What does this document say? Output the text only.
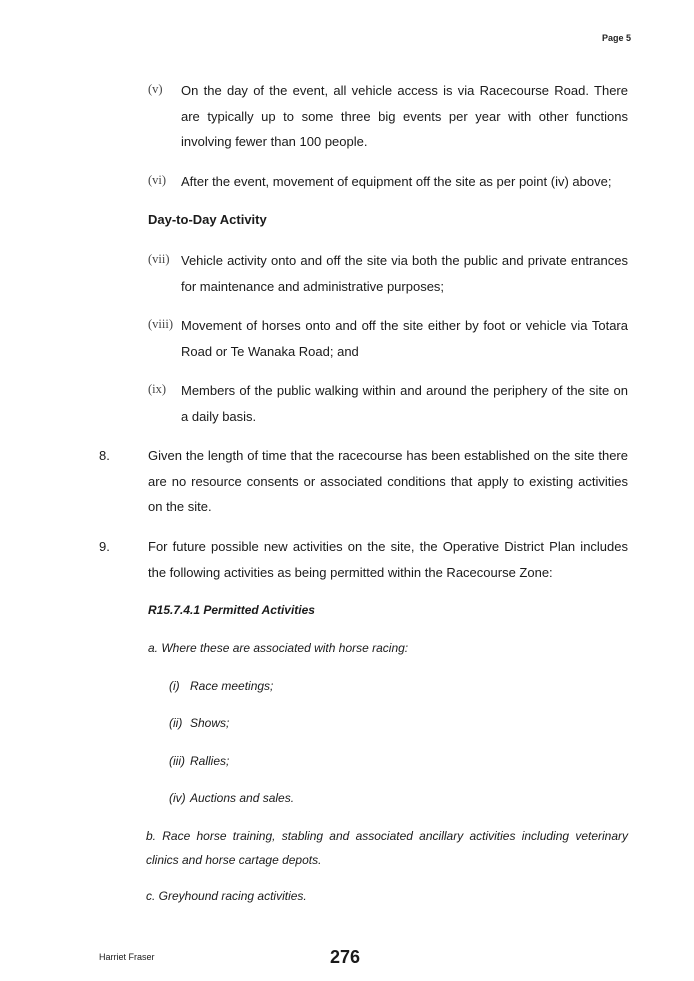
Page 5
(v) On the day of the event, all vehicle access is via Racecourse Road. There are typically up to some three big events per year with other functions involving fewer than 100 people.
(vi) After the event, movement of equipment off the site as per point (iv) above;
Day-to-Day Activity
(vii) Vehicle activity onto and off the site via both the public and private entrances for maintenance and administrative purposes;
(viii) Movement of horses onto and off the site either by foot or vehicle via Totara Road or Te Wanaka Road; and
(ix) Members of the public walking within and around the periphery of the site on a daily basis.
8.	Given the length of time that the racecourse has been established on the site there are no resource consents or associated conditions that apply to existing activities on the site.
9.	For future possible new activities on the site, the Operative District Plan includes the following activities as being permitted within the Racecourse Zone:
R15.7.4.1 Permitted Activities
a. Where these are associated with horse racing:
(i) Race meetings;
(ii) Shows;
(iii) Rallies;
(iv) Auctions and sales.
b. Race horse training, stabling and associated ancillary activities including veterinary clinics and horse cartage depots.
c. Greyhound racing activities.
Harriet Fraser	276
